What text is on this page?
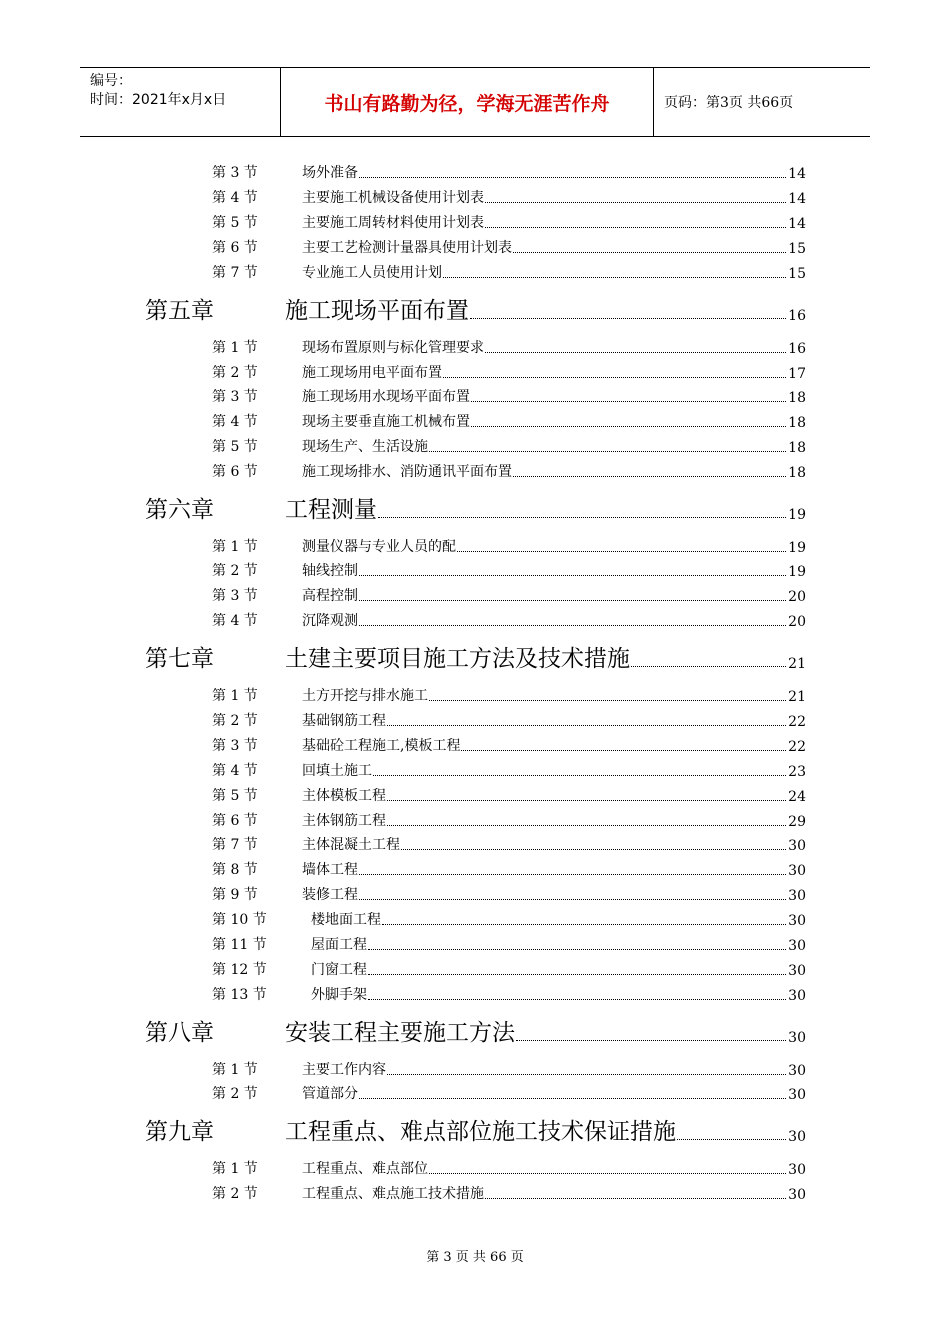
编号：
时间：2021年x月x日	书山有路勤为径，学海无涯苦作舟	页码：第3页 共66页
第 3 节	场外准备	14
第 4 节	主要施工机械设备使用计划表	14
第 5 节	主要施工周转材料使用计划表	14
第 6 节	主要工艺检测计量器具使用计划表	15
第 7 节	专业施工人员使用计划	15
第五章	施工现场平面布置	16
第 1 节	现场布置原则与标化管理要求	16
第 2 节	施工现场用电平面布置	17
第 3 节	施工现场用水现场平面布置	18
第 4 节	现场主要垂直施工机械布置	18
第 5 节	现场生产、生活设施	18
第 6 节	施工现场排水、消防通讯平面布置	18
第六章	工程测量	19
第 1 节	测量仪器与专业人员的配	19
第 2 节	轴线控制	19
第 3 节	高程控制	20
第 4 节	沉降观测	20
第七章	土建主要项目施工方法及技术措施	21
第 1 节	土方开挖与排水施工	21
第 2 节	基础钢筋工程	22
第 3 节	基础砼工程施工,模板工程	22
第 4 节	回填土施工	23
第 5 节	主体模板工程	24
第 6 节	主体钢筋工程	29
第 7 节	主体混凝土工程	30
第 8 节	墙体工程	30
第 9 节	装修工程	30
第 10 节	楼地面工程	30
第 11 节	屋面工程	30
第 12 节	门窗工程	30
第 13 节	外脚手架	30
第八章	安装工程主要施工方法	30
第 1 节	主要工作内容	30
第 2 节	管道部分	30
第九章	工程重点、难点部位施工技术保证措施	30
第 1 节	工程重点、难点部位	30
第 2 节	工程重点、难点施工技术措施	30
第 3 页 共 66 页
